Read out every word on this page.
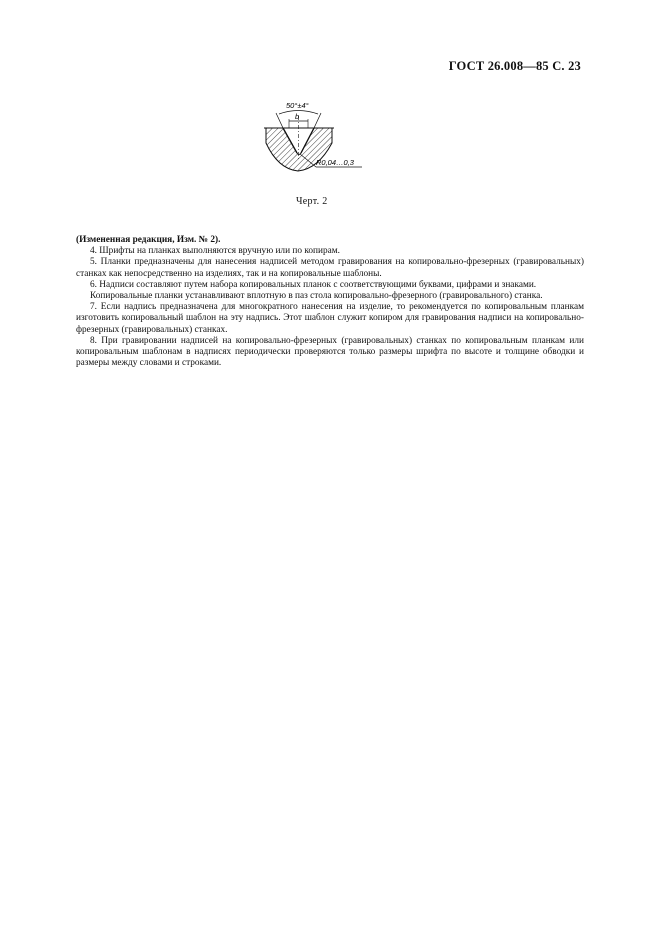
ГОСТ 26.008—85 С. 23
50°±4°
b
R0,04…0,3
Черт. 2

(Измененная редакция, Изм. № 2).

4. Шрифты на планках выполняются вручную или по копирам.

5. Планки предназначены для нанесения надписей методом гравирования на копировально-фрезерных (гравировальных) станках как непосредственно на изделиях, так и на копировальные шаблоны.

6. Надписи составляют путем набора копировальных планок с соответствующими буквами, цифрами и знаками.

Копировальные планки устанавливают вплотную в паз стола копировально-фрезерного (гравировального) станка.

7. Если надпись предназначена для многократного нанесения на изделие, то рекомендуется по копировальным планкам изготовить копировальный шаблон на эту надпись. Этот шаблон служит копиром для гравирования надписи на копировально-фрезерных (гравировальных) станках.

8. При гравировании надписей на копировально-фрезерных (гравировальных) станках по копировальным планкам или копировальным шаблонам в надписях периодически проверяются только размеры шрифта по высоте и толщине обводки и размеры между словами и строками.
